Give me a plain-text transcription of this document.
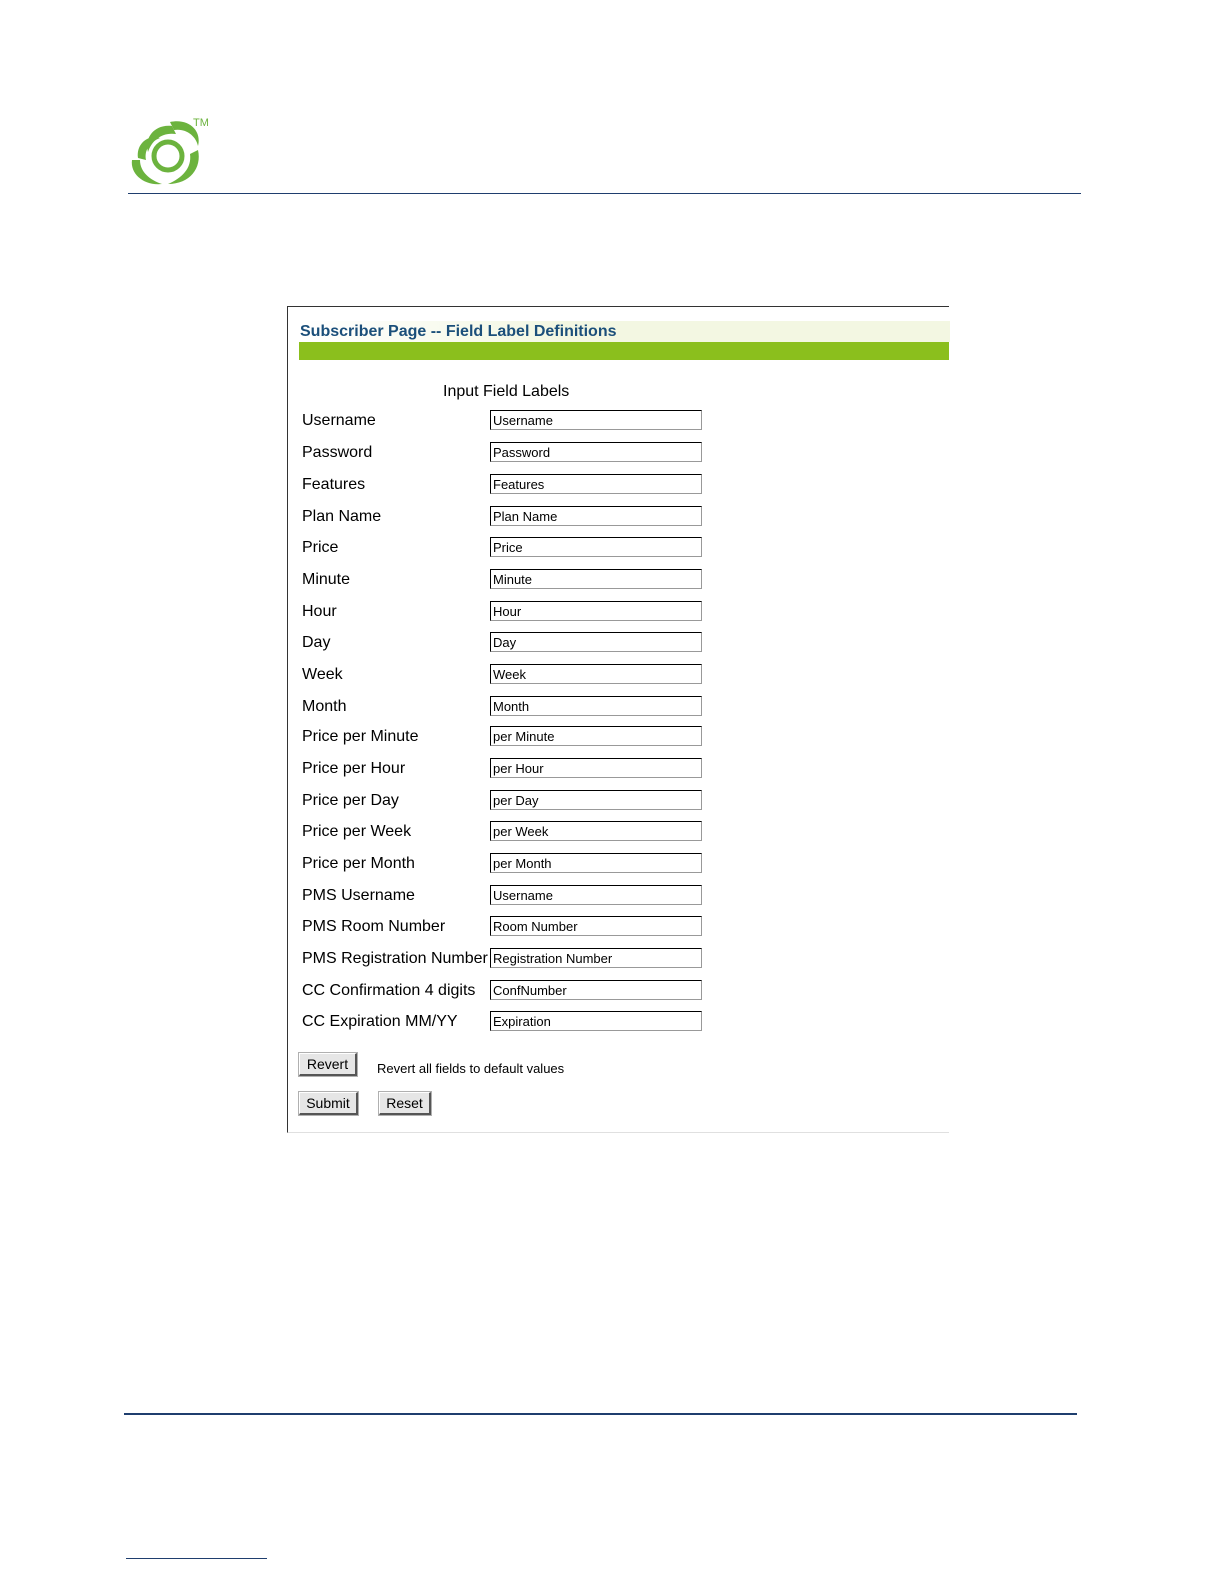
TM
Subscriber Page -- Field Label Definitions
Input Field Labels
Username
Username
Password
Password
Features
Features
Plan Name
Plan Name
Price
Price
Minute
Minute
Hour
Hour
Day
Day
Week
Week
Month
Month
Price per Minute
per Minute
Price per Hour
per Hour
Price per Day
per Day
Price per Week
per Week
Price per Month
per Month
PMS Username
Username
PMS Room Number
Room Number
PMS Registration Number
Registration Number
CC Confirmation 4 digits
ConfNumber
CC Expiration MM/YY
Expiration
Revert	Revert all fields to default values
Submit	Reset
